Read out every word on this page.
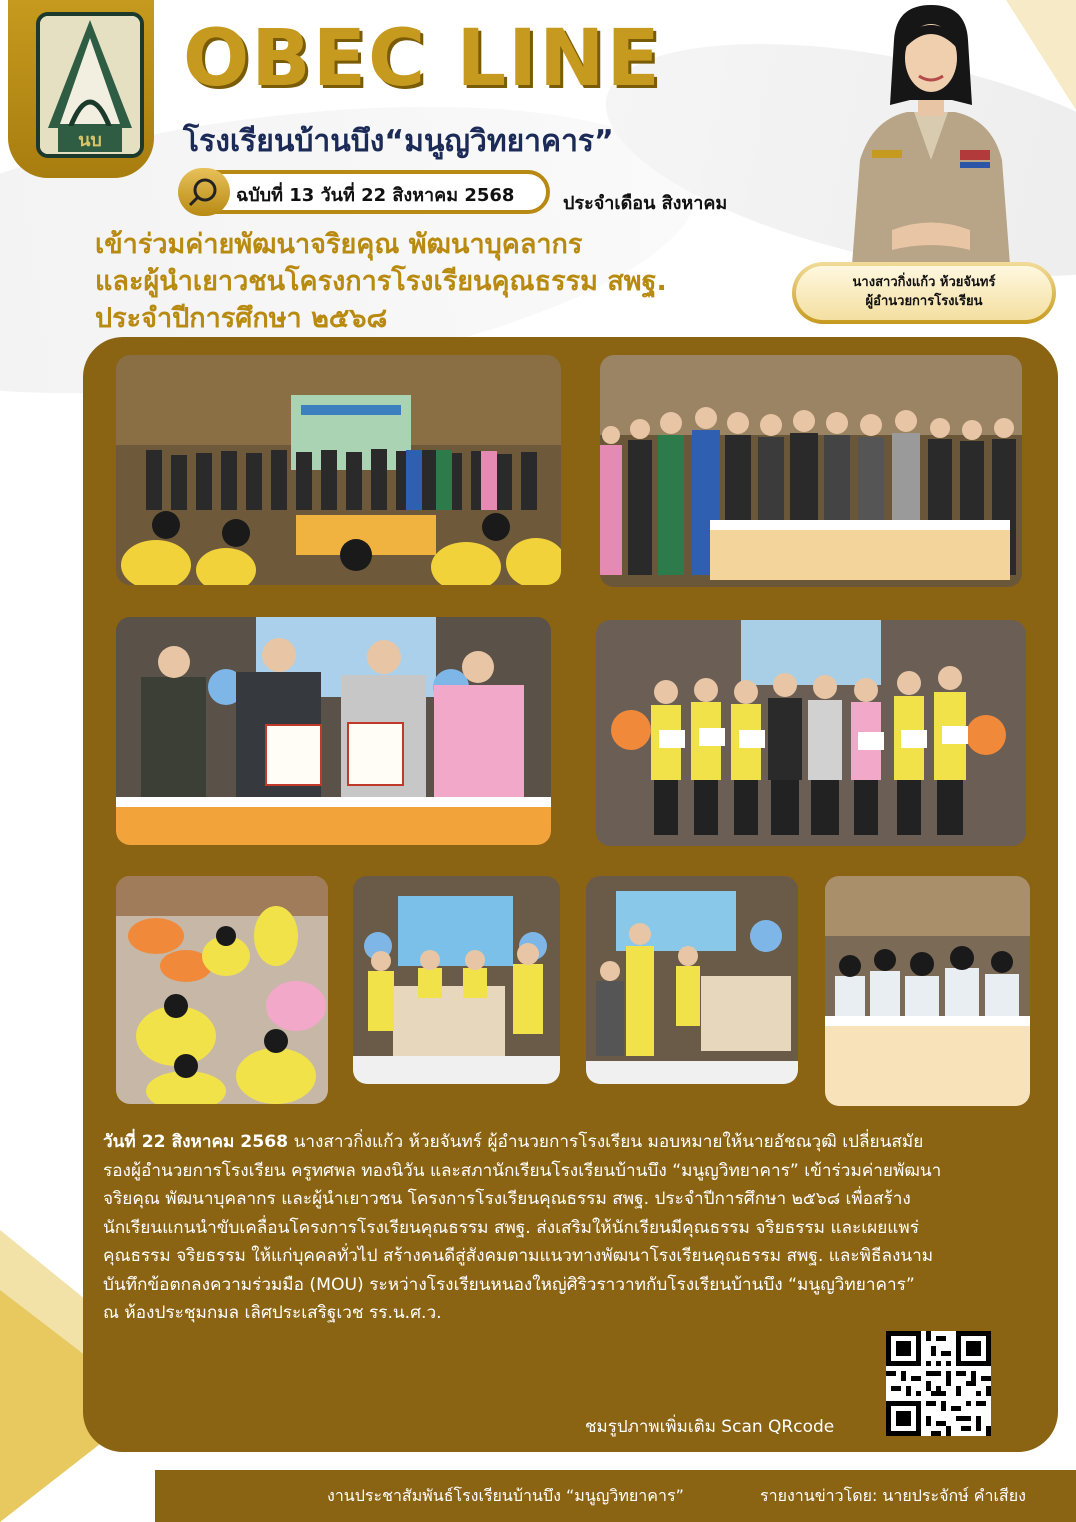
นบ
OBEC LINE
โรงเรียนบ้านบึง“มนูญวิทยาคาร”
ฉบับที่ 13 วันที่ 22 สิงหาคม 2568	ประจำเดือน สิงหาคม
เข้าร่วมค่ายพัฒนาจริยคุณ พัฒนาบุคลากร
และผู้นำเยาวชนโครงการโรงเรียนคุณธรรม สพฐ.
ประจำปีการศึกษา ๒๕๖๘
นางสาวกิ่งแก้ว ห้วยจันทร์
ผู้อำนวยการโรงเรียน
วันที่ 22 สิงหาคม 2568 นางสาวกิ่งแก้ว ห้วยจันทร์ ผู้อำนวยการโรงเรียน มอบหมายให้นายอัชณวุฒิ เปลี่ยนสมัย
รองผู้อำนวยการโรงเรียน ครูทศพล ทองนิวัน และสภานักเรียนโรงเรียนบ้านบึง “มนูญวิทยาคาร” เข้าร่วมค่ายพัฒนา
จริยคุณ พัฒนาบุคลากร และผู้นำเยาวชน โครงการโรงเรียนคุณธรรม สพฐ. ประจำปีการศึกษา ๒๕๖๘ เพื่อสร้าง
นักเรียนแกนนำขับเคลื่อนโครงการโรงเรียนคุณธรรม สพฐ. ส่งเสริมให้นักเรียนมีคุณธรรม จริยธรรม และเผยแพร่
คุณธรรม จริยธรรม ให้แก่บุคคลทั่วไป สร้างคนดีสู่สังคมตามแนวทางพัฒนาโรงเรียนคุณธรรม สพฐ. และพิธีลงนาม
บันทึกข้อตกลงความร่วมมือ (MOU) ระหว่างโรงเรียนหนองใหญ่ศิริวราวาทกับโรงเรียนบ้านบึง “มนูญวิทยาคาร”
ณ ห้องประชุมกมล เลิศประเสริฐเวช รร.น.ศ.ว.
ชมรูปภาพเพิ่มเติม Scan QRcode
งานประชาสัมพันธ์โรงเรียนบ้านบึง “มนูญวิทยาคาร”	รายงานข่าวโดย: นายประจักษ์ คำเสียง
